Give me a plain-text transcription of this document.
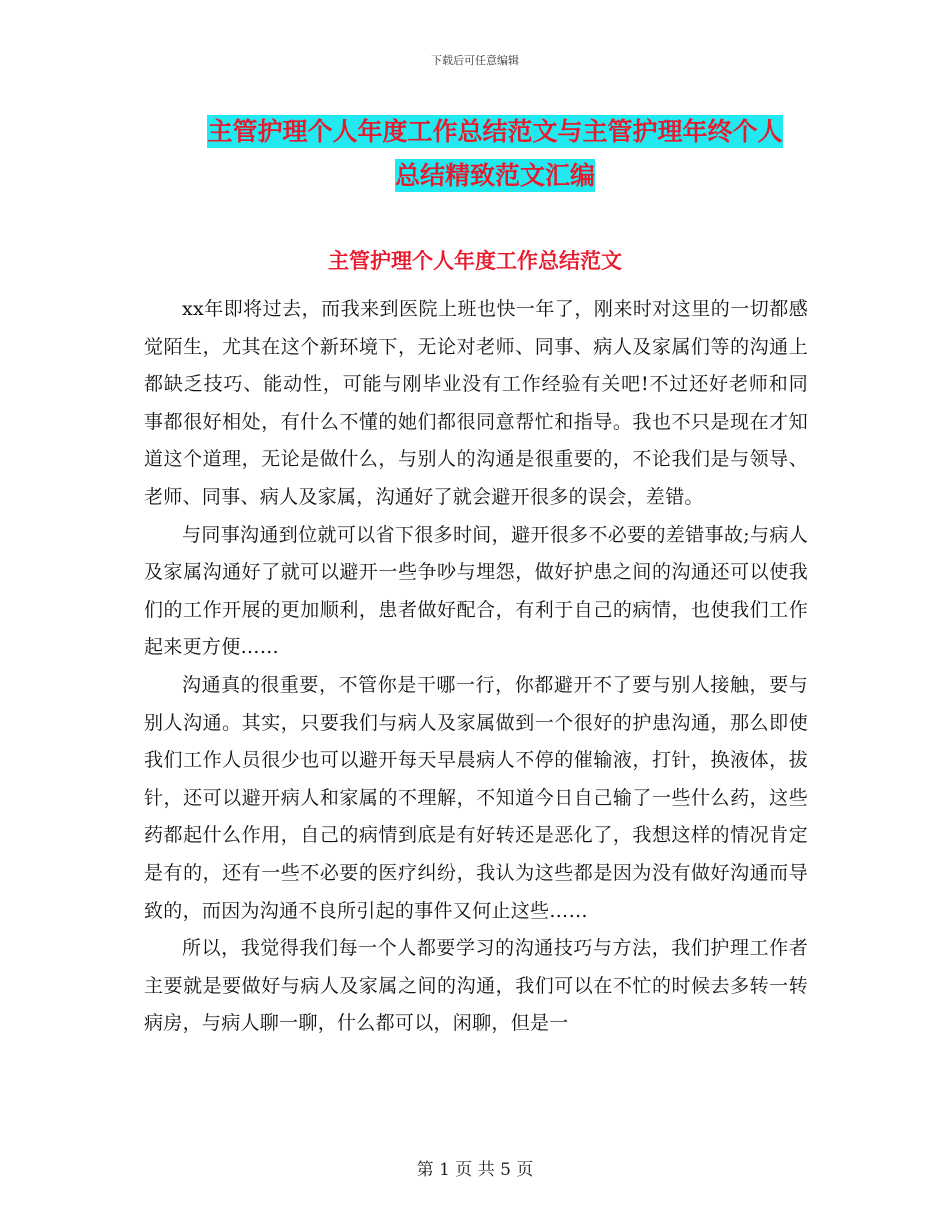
下载后可任意编辑
主管护理个人年度工作总结范文与主管护理年终个人
总结精致范文汇编
主管护理个人年度工作总结范文

xx年即将过去，而我来到医院上班也快一年了，刚来时对这里的一切都感觉陌生，尤其在这个新环境下，无论对老师、同事、病人及家属们等的沟通上都缺乏技巧、能动性，可能与刚毕业没有工作经验有关吧!不过还好老师和同事都很好相处，有什么不懂的她们都很同意帮忙和指导。我也不只是现在才知道这个道理，无论是做什么，与别人的沟通是很重要的，不论我们是与领导、老师、同事、病人及家属，沟通好了就会避开很多的误会，差错。

与同事沟通到位就可以省下很多时间，避开很多不必要的差错事故;与病人及家属沟通好了就可以避开一些争吵与埋怨，做好护患之间的沟通还可以使我们的工作开展的更加顺利，患者做好配合，有利于自己的病情，也使我们工作起来更方便……

沟通真的很重要，不管你是干哪一行，你都避开不了要与别人接触，要与别人沟通。其实，只要我们与病人及家属做到一个很好的护患沟通，那么即使我们工作人员很少也可以避开每天早晨病人不停的催输液，打针，换液体，拔针，还可以避开病人和家属的不理解，不知道今日自己输了一些什么药，这些药都起什么作用，自己的病情到底是有好转还是恶化了，我想这样的情况肯定是有的，还有一些不必要的医疗纠纷，我认为这些都是因为没有做好沟通而导致的，而因为沟通不良所引起的事件又何止这些……

所以，我觉得我们每一个人都要学习的沟通技巧与方法，我们护理工作者主要就是要做好与病人及家属之间的沟通，我们可以在不忙的时候去多转一转病房，与病人聊一聊，什么都可以，闲聊，但是一

第 1 页 共 5 页
